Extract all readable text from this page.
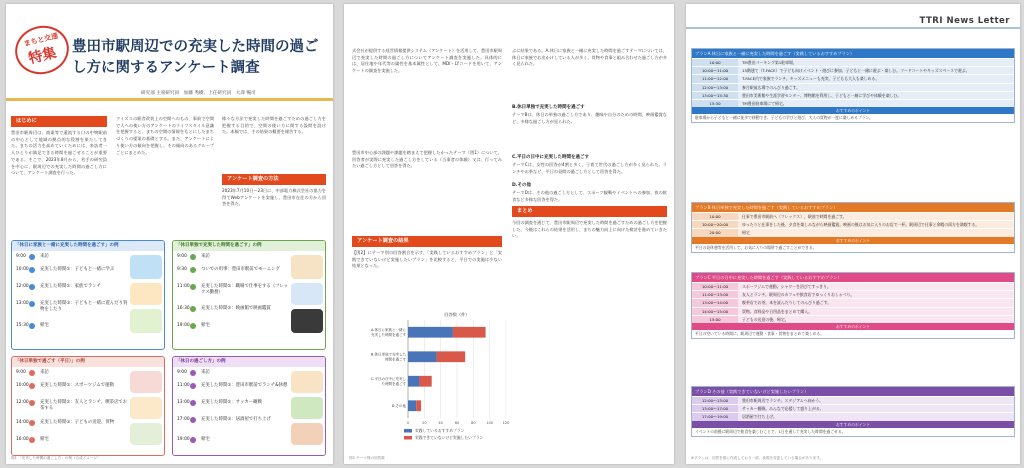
まちと交通
特集 豊田市駅周辺での充実した時間の過ごし方に関するアンケート調査
研究部 主席研究員　加藤 秀樹、上任研究員　大澤 暢司
はじめに
豊田市駅周辺は、商業等で還流する口の中物駅前の中心として地域の拠点的な役割を果たしてきた。まちの活力を高めていくためには、来訪者一人ひとりが満足できる時間を過ごせることが重要である。そこで、2023年8月から、若手の研究員を中心に、駅周辺での充実した時間の過ごし方について、アンケート調査を行った。
ウイズスの駅舎改装上の空間へのもの、事前で空間で人への使い方のアンケートのライフスタイル意識を把握すると、まちの空間の情報をもとにしたまちづくりの提案の基礎とする。また、アンケートにより使い方の傾向を把握し、その傾向のあるグループごとにまとめた。
様々な方法で充実した時間を過ごすための過ごし方を把握する目的で、空間の使い方に関する設問を設けた。本稿では、その結果の概要を報告する。
アンケート調査の方法
2023年7月10日〜23日に、中部電力株式会社の協力を得てWebアンケートを実施し、豊田市在住の方から回答を得た。
「休日に家族と一緒に充実した時間を過ごす」の例
9:00	来訪
10:00	充実した時間①：子どもと一緒に学ぶ
12:00	充実した時間②：家族でランチ
13:00	充実した時間③：子どもと一緒に遊んだり買物をしたり
15:30	帰宅
「休日単独で充実した時間を過ごす」の例
9:00	来訪
9:30	ついでの用事：豊田市駅前でモーニング
11:00	充実した時間①：職場で仕事をする（フレックス勤務）
16:30	充実した時間②：映画館で映画鑑賞
19:00	帰宅
「休日単独で過ごす（平日）」の例
9:00	来訪
10:00	充実した時間①：スポーツジムで運動
12:00	充実した時間②：友人とランチ、喫茶店でお茶する
14:00	充実した時間③：子どもの送迎、買物
16:00	帰宅
「休日の過ごし方」の例
9:00	来訪
11:00	充実した時間①：豊田市駅前でランチ&休憩
13:00	充実した時間②：サッカー観戦
17:00	充実した時間③：居酒屋で打ち上げ
19:00	帰宅
図1 「充実した時間の過ごし方」の例（合成イメージ）
式会社が提供する経営情報提供システム（アンケート）を活用して、豊田市駅周辺で充実した時間の過ごし方についてアンケート調査を実施した。具体的には、居住地や年代等の属性を基本属性として、MDI・LYコードを用いて、アンケートの調査を実施した。
豊田市中心部の課題や課題を踏まえて把握したかったテーマ（図1）について、回答者が実際に充実した過ごし方をしている（当事者の体験）又は、行ってみたい過ごし方として回答を得た。
アンケート調査の結果
【図2】にテーマ別の回答割合を示す。「実践しているおすすめプラン」と「実践できていないけど実施したいプラン」を比較すると、平日での実施は少ない結果となった。
ぶに結果である。A.休日に家族と一緒に充実した時間を過ごすテーマについては、休日に家族でお出かけしている人が多く、買物や食事と組み合わせた過ごし方が多く見られた。
B.休日単独で充実した時間を過ごす
テーマBは、休日の単独の過ごし方であり、趣味や自分のための時間、映画鑑賞など、多様な過ごし方が見られた。
C.平日の日中に充実した時間を過ごす
テーマCは、女性の回答が4割と多く、子育て世代の過ごし方が多く見られた。ランチやお茶など、平日の昼間の過ごし方として回答を得た。
D.その他
テーマDは、その他の過ごし方として、スポーツ観戦やイベントへの参加、夜の飲食など多様な回答を得た。
まとめ
今回の調査を通じて、豊田市駅周辺で充実した時間を過ごすための過ごし方を把握した。今後はこれらの結果を活用し、まちの魅力向上に向けた検討を進めていきたい。
回答数（件）
0	20	40	60	80	100	120
A.休日に家族と一緒に
充実した時間を過ごす
B.休日単独で充実した
時間を過ごす
C.平日の日中に充実し
た時間を過ごす
D.その他
実践しているおすすめプラン
実践できていないけど実施したいプラン
図2 テーマ別の回答数
TTRI News Letter
プランA 休日に家族と一緒に充実した時間を過ごす（実践しているおすすめプラン）
10:00	TM豊田パーキング第1駐車場。
10:00〜11:00	15階建て（T-FACE）で子ども向けイベント・遊びに参加。子どもと一緒に遊ぶ・楽しむ。フードコートやキッズスペースで遊ぶ。
11:00〜12:00	T-FACE内で家族でランチ。キッズメニューも充実、子どもも大人も楽しめる。
12:00〜13:00	参合駅前広場でのんびり過ごす。
13:00〜15:30	豊田市美術館や生涯学習センター、博物館を利用し、子どもと一緒に学びや体験を楽しむ。
15:30	TM豊田駐車場にて帰宅。
おすすめのポイント
駐車場から子どもと一緒に徒歩で移動でき、子どもの学びと遊び、大人の買物が一度に楽しめるプラン。
プランB 休日単独で充実した時間を過ごす（実践しているおすすめプラン）
10:00	仕事で豊田市駅前へ（フレックス）、駅前で時間を過ごす。
10:00〜20:00	ゆったりと仕事をした後、夕食を楽しみながら映画鑑賞。映画の後はお気に入りのお店で一杯。駅周辺で仕事と余暇の両方を満喫する。
20:00	帰宅
おすすめのポイント
平日の昼休憩等を活用して、お気に入りの場所で過ごすことができる。
プランC 平日の日中に充実した時間を過ごす（実践しているおすすめプラン）
10:00〜11:00	スポーツジムで運動。シャワーを浴びてすっきり。
11:00〜13:00	友人とランチ。駅周辺のカフェや飲食店でゆっくりおしゃべり。
13:00〜14:00	喫茶店でお茶。本を読んだりしてのんびり過ごす。
14:00〜15:00	買物。食料品や日用品をまとめて購入。
15:00	子どもの送迎の後、帰宅。
おすすめのポイント
平日の空いている時間に、駅周辺で運動・食事・買物をまとめて楽しめる。
プランD その他（実践できていないけど実施したいプラン）
12:00〜13:00	豊田市駅周辺でランチ。スタジアムへ向かう。
13:00〜17:00	サッカー観戦。みんなで応援して盛り上がる。
17:00〜19:00	居酒屋で打ち上げ。
おすすめのポイント
イベントの前後に駅周辺で飲食を楽しむことで、1日を通して充実した時間を過ごせる。
※プランは、回答を基に作成しており一部、表現を変更している場合があります。
